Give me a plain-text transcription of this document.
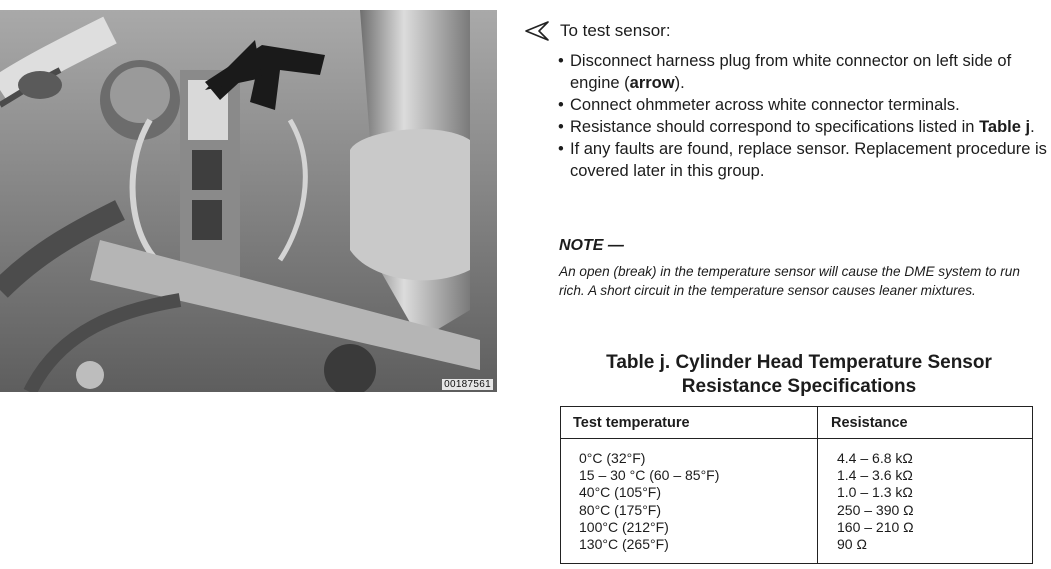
00187561
To test sensor:
• Disconnect harness plug from white connector on left side of engine (arrow).
• Connect ohmmeter across white connector terminals.
• Resistance should correspond to specifications listed in Table j.
• If any faults are found, replace sensor. Replacement procedure is covered later in this group.
NOTE —
An open (break) in the temperature sensor will cause the DME system to run rich. A short circuit in the temperature sensor causes leaner mixtures.
Table j. Cylinder Head Temperature Sensor
Resistance Specifications
Test temperature	Resistance
0°C (32°F)
15 – 30 °C (60 – 85°F)
40°C (105°F)
80°C (175°F)
100°C (212°F)
130°C (265°F)
4.4 – 6.8 kΩ
1.4 – 3.6 kΩ
1.0 – 1.3 kΩ
250 – 390 Ω
160 – 210 Ω
90 Ω
